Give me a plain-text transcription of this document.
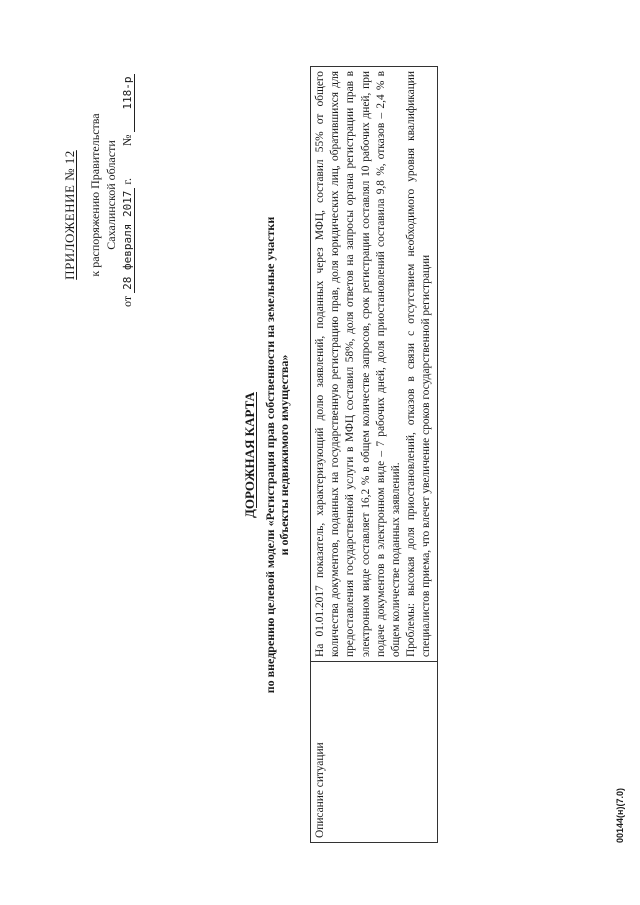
ПРИЛОЖЕНИЕ № 12 к распоряжению Правительства Сахалинской области
от 28 февраля 2017 г.  № 118-р
ДОРОЖНАЯ КАРТА по внедрению целевой модели «Регистрация прав собственности на земельные участки и объекты недвижимого имущества»
Описание ситуации	

На 01.01.2017 показатель, характеризующий долю заявлений, поданных через МФЦ, составил 55% от общего количества документов, поданных на государственную регистрацию прав, доля юридических лиц, обратившихся для предоставления государственной услуги в МФЦ составил 58%, доля ответов на запросы органа регистрации прав в электронном виде составляет 16,2 % в общем количестве запросов, срок регистрации составлял 10 рабочих дней, при подаче документов в электронном виде – 7 рабочих дней, доля приостановлений составила 9,8 %, отказов – 2,4 % в общем количестве поданных заявлений. Проблемы: высокая доля приостановлений, отказов в связи с отсутствием необходимого уровня квалификации специалистов приема, что влечет увеличение сроков государственной регистрации

00144(н)(7.0)
